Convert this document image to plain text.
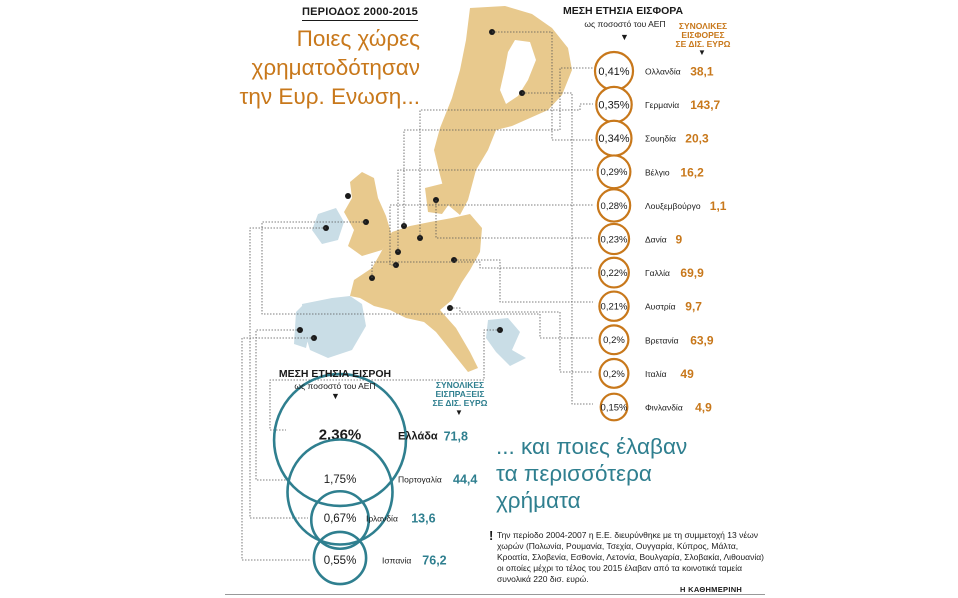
0,41% Ολλανδία 38,1
0,35% Γερμανία 143,7
0,34% Σουηδία 20,3
0,29% Βέλγιο 16,2
0,28% Λουξεμβούργο 1,1
0,23% Δανία 9
0,22% Γαλλία 69,9
0,21% Αυστρία 9,7
0,2% Βρετανία 63,9
0,2% Ιταλία 49
0,15% Φινλανδία 4,9
2,36%	Ελλάδα 71,8
1,75%	Πορτογαλία 44,4
0,67% Ιρλανδία 13,6
0,55%	Ισπανία 76,2
ΠΕΡΙΟΔΟΣ 2000-2015
Ποιες χώρες
χρηματοδότησαν
την Ευρ. Ενωση...
ΜΕΣΗ ΕΤΗΣΙΑ ΕΙΣΦΟΡΑ
ως ποσοστό του ΑΕΠ
▼
ΣΥΝΟΛΙΚΕΣ
ΕΙΣΦΟΡΕΣ
ΣΕ ΔΙΣ. ΕΥΡΩ
▼
ΜΕΣΗ ΕΤΗΣΙΑ ΕΙΣΡΟΗ
ως ποσοστό του ΑΕΠ
▼
ΣΥΝΟΛΙΚΕΣ
ΕΙΣΠΡΑΞΕΙΣ
ΣΕ ΔΙΣ. ΕΥΡΩ
▼
... και ποιες έλαβαν
τα περισσότερα
χρήματα
! Την περίοδο 2004-2007 η Ε.Ε. διευρύνθηκε με τη συμμετοχή 13 νέων χωρών (Πολωνία, Ρουμανία, Τσεχία, Ουγγαρία, Κύπρος, Μάλτα, Κροατία, Σλοβενία, Εσθονία, Λετονία, Βουλγαρία, Σλοβακία, Λιθουανία) οι οποίες μέχρι το τέλος του 2015 έλαβαν από τα κοινοτικά ταμεία συνολικά 220 δισ. ευρώ.
Η ΚΑΘΗΜΕΡΙΝΗ
